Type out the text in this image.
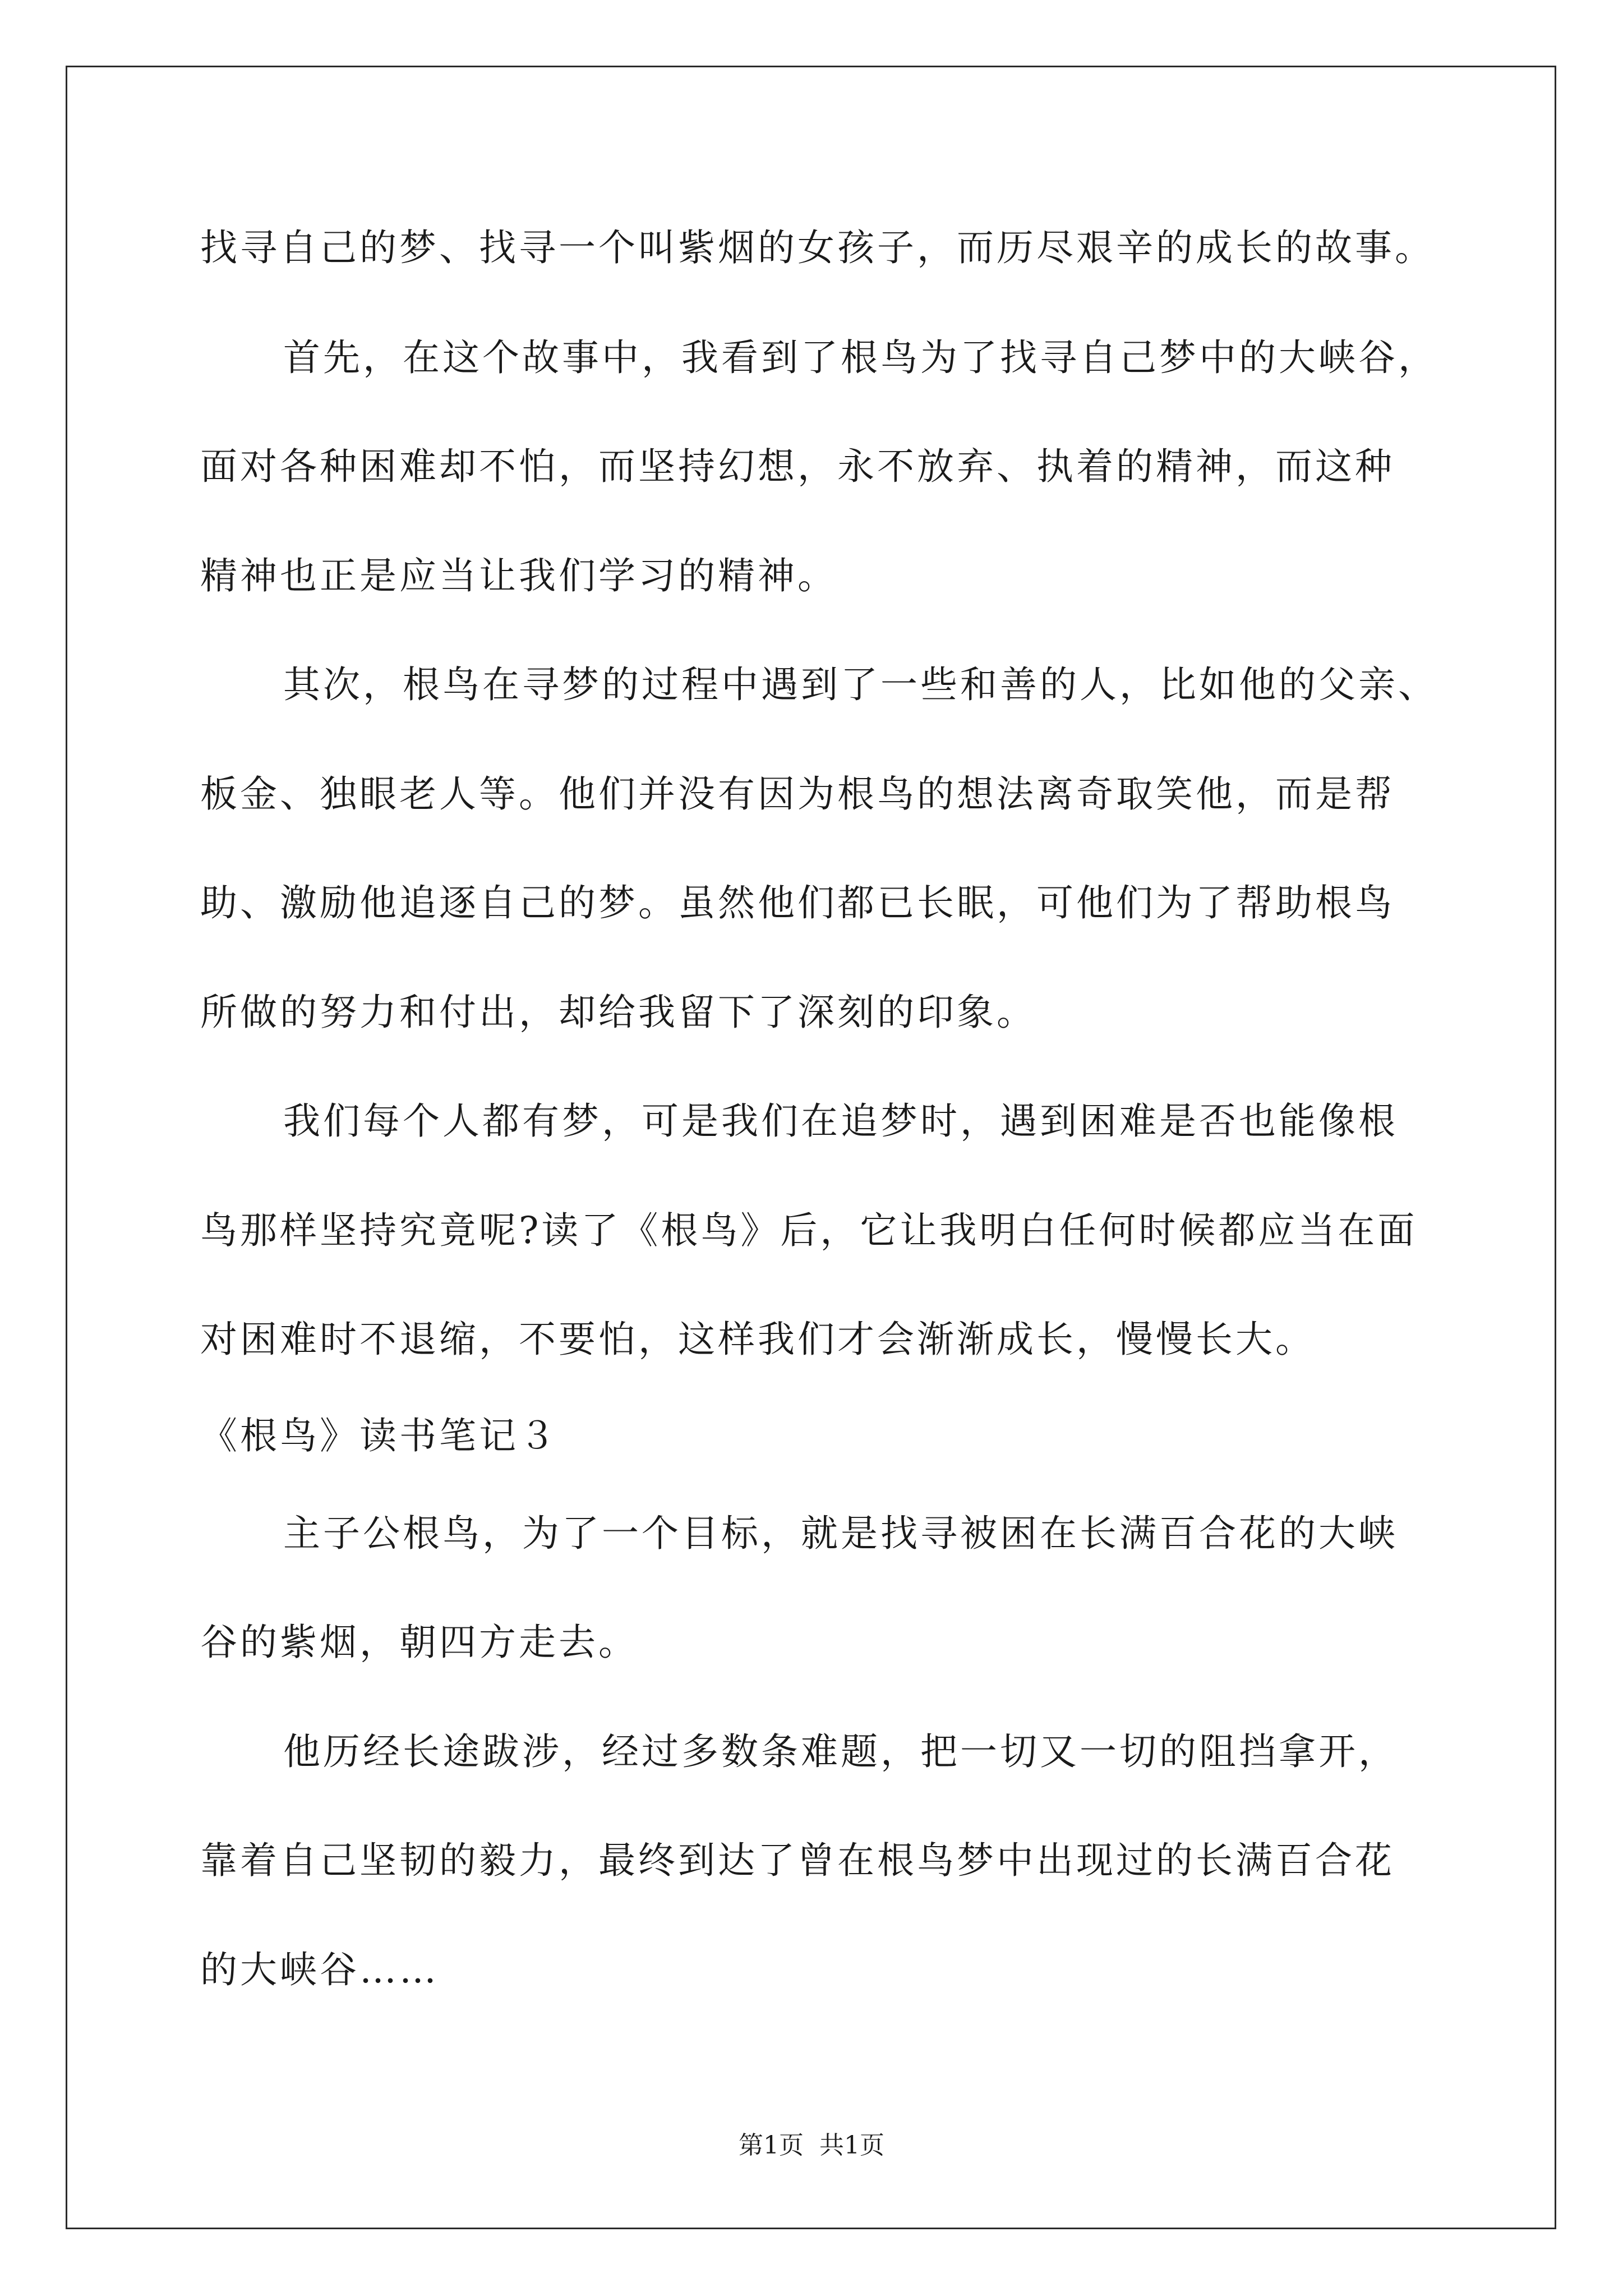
找寻自己的梦、找寻一个叫紫烟的女孩子，而历尽艰辛的成长的故事。
首先，在这个故事中，我看到了根鸟为了找寻自己梦中的大峡谷，
面对各种困难却不怕，而坚持幻想，永不放弃、执着的精神，而这种
精神也正是应当让我们学习的精神。
其次，根鸟在寻梦的过程中遇到了一些和善的人，比如他的父亲、
板金、独眼老人等。他们并没有因为根鸟的想法离奇取笑他，而是帮
助、激励他追逐自己的梦。虽然他们都已长眠，可他们为了帮助根鸟
所做的努力和付出，却给我留下了深刻的印象。
我们每个人都有梦，可是我们在追梦时，遇到困难是否也能像根
鸟那样坚持究竟呢?读了《根鸟》后，它让我明白任何时候都应当在面
对困难时不退缩，不要怕，这样我们才会渐渐成长，慢慢长大。
《根鸟》读书笔记３
主子公根鸟，为了一个目标，就是找寻被困在长满百合花的大峡
谷的紫烟，朝四方走去。
他历经长途跋涉，经过多数条难题，把一切又一切的阻挡拿开，
靠着自己坚韧的毅力，最终到达了曾在根鸟梦中出现过的长满百合花
的大峡谷……
第1页 共1页
